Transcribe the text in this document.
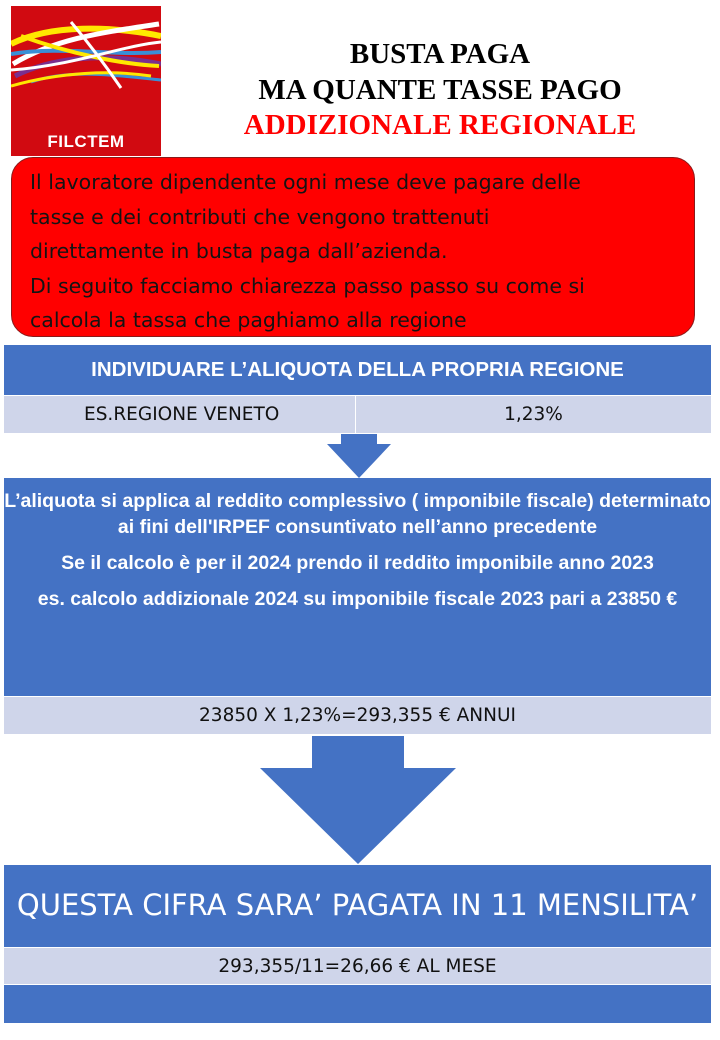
FILCTEM
BUSTA PAGA
MA QUANTE TASSE PAGO
ADDIZIONALE REGIONALE
Il lavoratore dipendente ogni mese deve pagare delle
tasse e dei contributi che vengono trattenuti
direttamente in busta paga dall’azienda.
Di seguito facciamo chiarezza passo passo su come si
calcola la tassa che paghiamo alla regione
INDIVIDUARE L’ALIQUOTA DELLA PROPRIA REGIONE
ES.REGIONE VENETO	1,23%

L’aliquota si applica al reddito complessivo ( imponibile fiscale) determinato ai fini dell'IRPEF consuntivato nell’anno precedente

Se il calcolo è per il 2024 prendo il reddito imponibile anno 2023

es. calcolo addizionale 2024 su imponibile fiscale 2023 pari a 23850 €

23850 X 1,23%=293,355 € ANNUI
QUESTA CIFRA SARA’ PAGATA IN 11 MENSILITA’
293,355/11=26,66 € AL MESE
